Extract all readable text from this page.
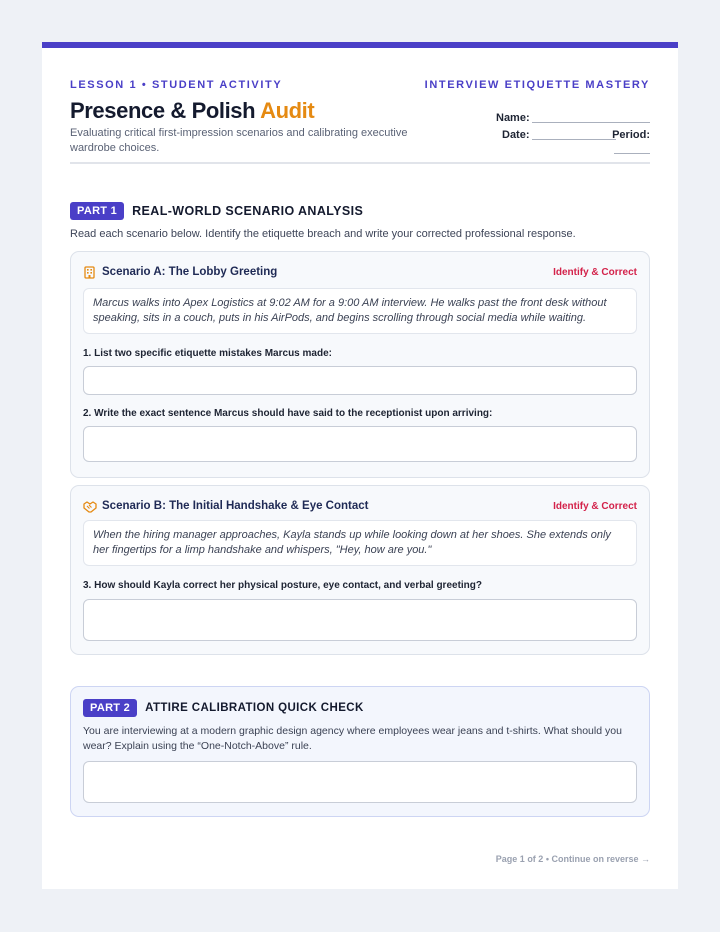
LESSON 1 • STUDENT ACTIVITY	INTERVIEW ETIQUETTE MASTERY
Presence & Polish Audit
Evaluating critical first-impression scenarios and calibrating executive wardrobe choices.
Name:
Date:	Period:
PART 1	REAL-WORLD SCENARIO ANALYSIS
Read each scenario below. Identify the etiquette breach and write your corrected professional response.
Scenario A: The Lobby Greeting	Identify & Correct
Marcus walks into Apex Logistics at 9:02 AM for a 9:00 AM interview. He walks past the front desk without speaking, sits in a couch, puts in his AirPods, and begins scrolling through social media while waiting.
1. List two specific etiquette mistakes Marcus made:
2. Write the exact sentence Marcus should have said to the receptionist upon arriving:
Scenario B: The Initial Handshake & Eye Contact	Identify & Correct
When the hiring manager approaches, Kayla stands up while looking down at her shoes. She extends only her fingertips for a limp handshake and whispers, "Hey, how are you."
3. How should Kayla correct her physical posture, eye contact, and verbal greeting?
PART 2	ATTIRE CALIBRATION QUICK CHECK
You are interviewing at a modern graphic design agency where employees wear jeans and t-shirts. What should you wear? Explain using the “One-Notch-Above” rule.
Page 1 of 2 • Continue on reverse →
